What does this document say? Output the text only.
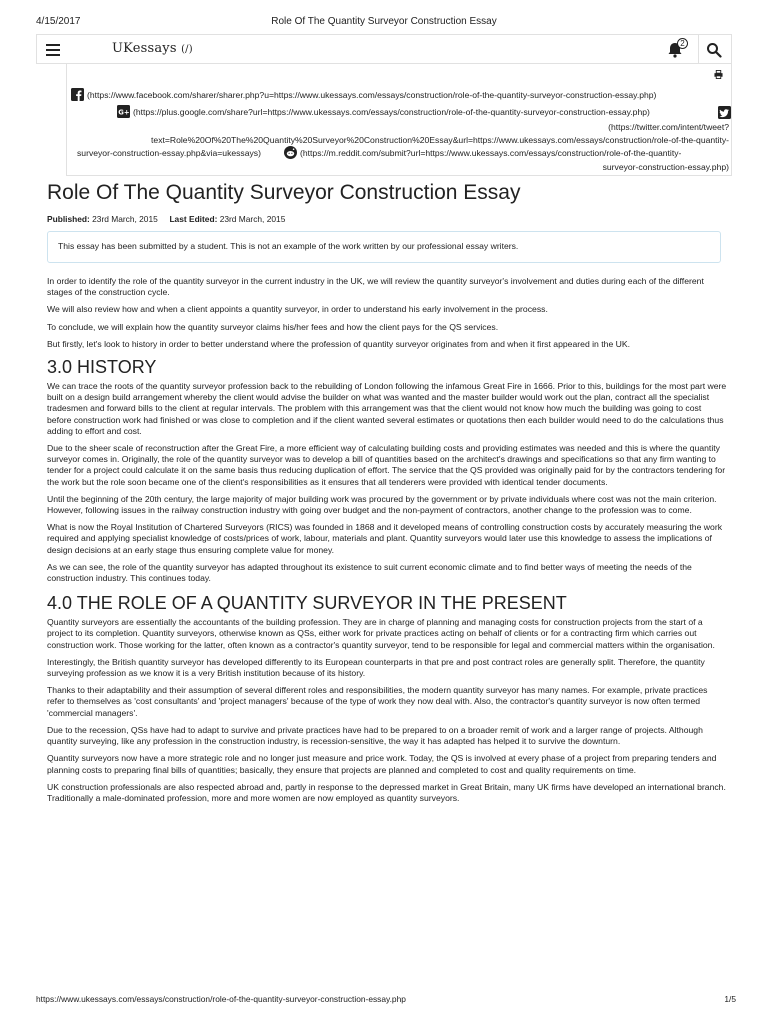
4/15/2017	Role Of The Quantity Surveyor Construction Essay
UKessays (/)
2
(https://www.facebook.com/sharer/sharer.php?u=https://www.ukessays.com/essays/construction/role-of-the-quantity-surveyor-construction-essay.php)
G+ (https://plus.google.com/share?url=https://www.ukessays.com/essays/construction/role-of-the-quantity-surveyor-construction-essay.php)
(https://twitter.com/intent/tweet?
text=Role%20Of%20The%20Quantity%20Surveyor%20Construction%20Essay&url=https://www.ukessays.com/essays/construction/role-of-the-quantity-
surveyor-construction-essay.php&via=ukessays)	(https://m.reddit.com/submit?url=https://www.ukessays.com/essays/construction/role-of-the-quantity-
surveyor-construction-essay.php)
Role Of The Quantity Surveyor Construction Essay
Published: 23rd March, 2015 Last Edited: 23rd March, 2015
This essay has been submitted by a student. This is not an example of the work written by our professional essay writers.

In order to identify the role of the quantity surveyor in the current industry in the UK, we will review the quantity surveyor's involvement and duties during each of the different stages of the construction cycle.

We will also review how and when a client appoints a quantity surveyor, in order to understand his early involvement in the process.

To conclude, we will explain how the quantity surveyor claims his/her fees and how the client pays for the QS services.

But firstly, let's look to history in order to better understand where the profession of quantity surveyor originates from and when it first appeared in the UK.

3.0 HISTORY

We can trace the roots of the quantity surveyor profession back to the rebuilding of London following the infamous Great Fire in 1666. Prior to this, buildings for the most part were built on a design build arrangement whereby the client would advise the builder on what was wanted and the master builder would work out the plan, contract all the specialist tradesmen and forward bills to the client at regular intervals. The problem with this arrangement was that the client would not know how much the building was going to cost before construction work had finished or was close to completion and if the client wanted several estimates or quotations then each builder would need to do the calculations thus adding to effort and cost.

Due to the sheer scale of reconstruction after the Great Fire, a more efficient way of calculating building costs and providing estimates was needed and this is where the quantity surveyor comes in. Originally, the role of the quantity surveyor was to develop a bill of quantities based on the architect's drawings and specifications so that any firm wanting to tender for a project could calculate it on the same basis thus reducing duplication of effort. The service that the QS provided was originally paid for by the contractors tendering for the work but the role soon became one of the client's responsibilities as it ensures that all tenderers were provided with identical tender documents.

Until the beginning of the 20th century, the large majority of major building work was procured by the government or by private individuals where cost was not the main criterion. However, following issues in the railway construction industry with going over budget and the non-payment of contractors, another change to the profession was to come.

What is now the Royal Institution of Chartered Surveyors (RICS) was founded in 1868 and it developed means of controlling construction costs by accurately measuring the work required and applying specialist knowledge of costs/prices of work, labour, materials and plant. Quantity surveyors would later use this knowledge to assess the implications of design decisions at an early stage thus ensuring complete value for money.

As we can see, the role of the quantity surveyor has adapted throughout its existence to suit current economic climate and to find better ways of meeting the needs of the construction industry. This continues today.

4.0 THE ROLE OF A QUANTITY SURVEYOR IN THE PRESENT

Quantity surveyors are essentially the accountants of the building profession. They are in charge of planning and managing costs for construction projects from the start of a project to its completion. Quantity surveyors, otherwise known as QSs, either work for private practices acting on behalf of clients or for a contracting firm which carries out construction work. Those working for the latter, often known as a contractor's quantity surveyor, tend to be responsible for legal and commercial matters within the organisation.

Interestingly, the British quantity surveyor has developed differently to its European counterparts in that pre and post contract roles are generally split. Therefore, the quantity surveying profession as we know it is a very British institution because of its history.

Thanks to their adaptability and their assumption of several different roles and responsibilities, the modern quantity surveyor has many names. For example, private practices refer to themselves as 'cost consultants' and 'project managers' because of the type of work they now deal with. Also, the contractor's quantity surveyor is now often termed 'commercial managers'.

Due to the recession, QSs have had to adapt to survive and private practices have had to be prepared to on a broader remit of work and a larger range of projects. Although quantity surveying, like any profession in the construction industry, is recession-sensitive, the way it has adapted has helped it to survive the downturn.

Quantity surveyors now have a more strategic role and no longer just measure and price work. Today, the QS is involved at every phase of a project from preparing tenders and planning costs to preparing final bills of quantities; basically, they ensure that projects are planned and completed to cost and quality requirements on time.

UK construction professionals are also respected abroad and, partly in response to the depressed market in Great Britain, many UK firms have developed an international branch. Traditionally a male-dominated profession, more and more women are now employed as quantity surveyors.

https://www.ukessays.com/essays/construction/role-of-the-quantity-surveyor-construction-essay.php	1/5
